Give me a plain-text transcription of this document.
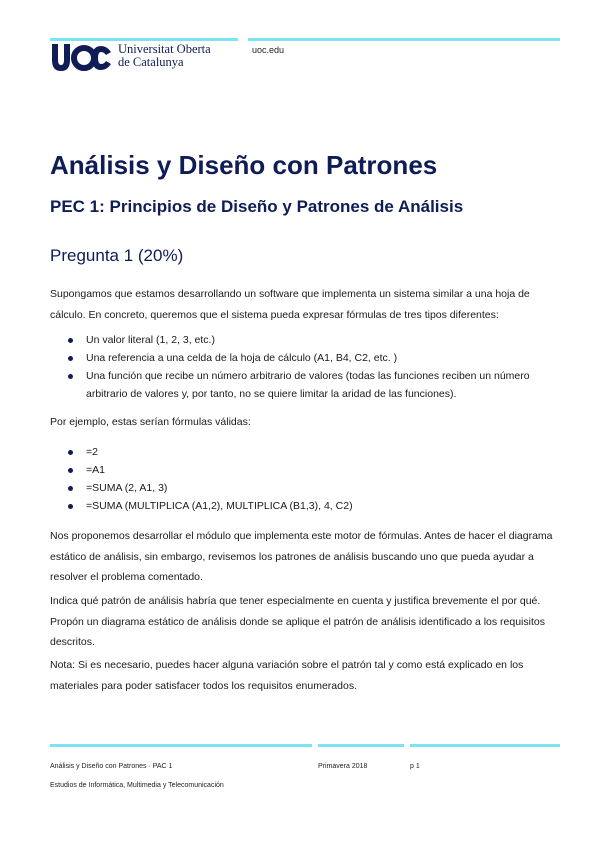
Universitat Oberta
de Catalunya
uoc.edu
Análisis y Diseño con Patrones
PEC 1: Principios de Diseño y Patrones de Análisis
Pregunta 1 (20%)

Supongamos que estamos desarrollando un software que implementa un sistema similar a una hoja de cálculo. En concreto, queremos que el sistema pueda expresar fórmulas de tres tipos diferentes:

Un valor literal (1, 2, 3, etc.)
Una referencia a una celda de la hoja de cálculo (A1, B4, C2, etc. )
Una función que recibe un número arbitrario de valores (todas las funciones reciben un número arbitrario de valores y, por tanto, no se quiere limitar la aridad de las funciones).

Por ejemplo, estas serían fórmulas válidas:

=2
=A1
=SUMA (2, A1, 3)
=SUMA (MULTIPLICA (A1,2), MULTIPLICA (B1,3), 4, C2)

Nos proponemos desarrollar el módulo que implementa este motor de fórmulas. Antes de hacer el diagrama estático de análisis, sin embargo, revisemos los patrones de análisis buscando uno que pueda ayudar a resolver el problema comentado.

Indica qué patrón de análisis habría que tener especialmente en cuenta y justifica brevemente el por qué. Propón un diagrama estático de análisis donde se aplique el patrón de análisis identificado a los requisitos descritos.

Nota: Si es necesario, puedes hacer alguna variación sobre el patrón tal y como está explicado en los materiales para poder satisfacer todos los requisitos enumerados.

Análisis y Diseño con Patrones · PAC 1	Primavera 2018	p 1
Estudios de Informática, Multimedia y Telecomunicación
